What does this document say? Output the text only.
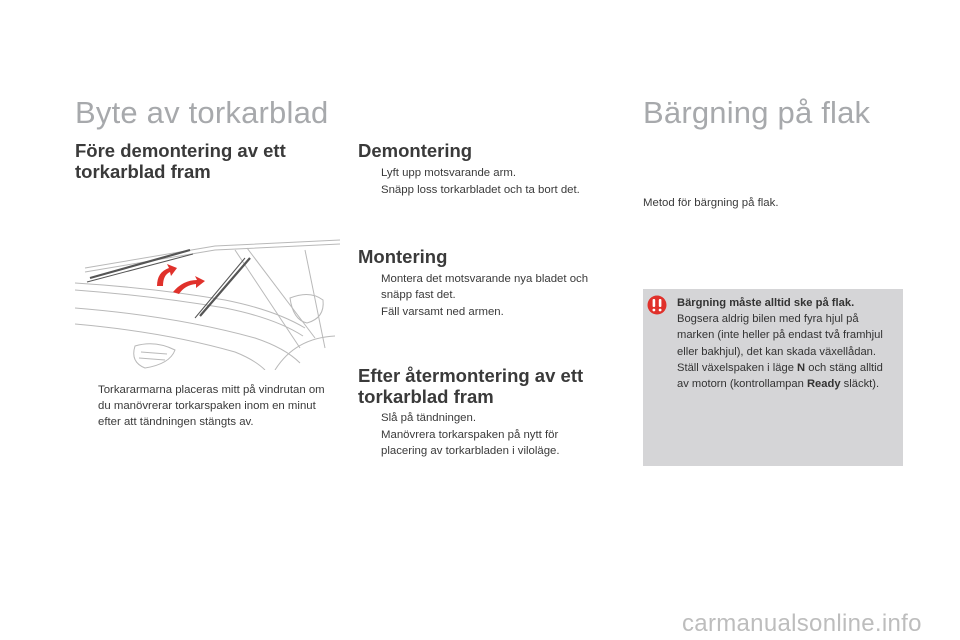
Byte av torkarblad
Före demontering av ett torkarblad fram
Torkararmarna placeras mitt på vindrutan om du manövrerar torkarspaken inom en minut efter att tändningen stängts av.
Demontering
Lyft upp motsvarande arm.
Snäpp loss torkarbladet och ta bort det.
Montering
Montera det motsvarande nya bladet och snäpp fast det.
Fäll varsamt ned armen.
Efter återmontering av ett torkarblad fram
Slå på tändningen.
Manövrera torkarspaken på nytt för placering av torkarbladen i viloläge.
Bärgning på flak

Metod för bärgning på flak.

Bärgning måste alltid ske på flak.
Bogsera aldrig bilen med fyra hjul på marken (inte heller på endast två framhjul eller bakhjul), det kan skada växellådan.
Ställ växelspaken i läge N och stäng alltid av motorn (kontrollampan Ready släckt).
carmanualsonline.info
